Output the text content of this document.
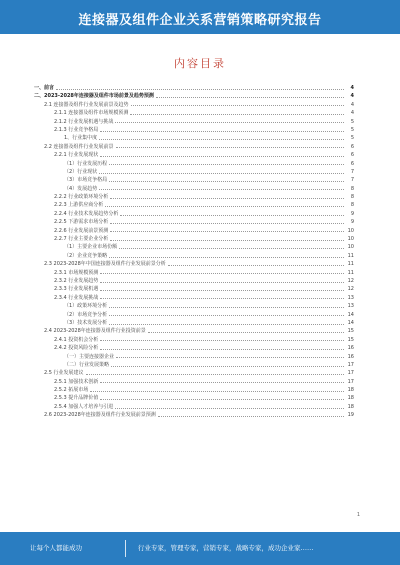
连接器及组件企业关系营销策略研究报告
内容目录
一、前言	4
二、2023-2028年连接器及组件市场前景及趋势预测	4
2.1 连接器及组件行业发展前景及趋势	4
2.1.1 连接器及组件市场规模预测	4
2.1.2 行业发展机遇与挑战	5
2.1.3 行业竞争格局	5
1、行业集中度	5
2.2 连接器及组件行业发展前景	6
2.2.1 行业发展现状	6
（1）行业发展历程	6
（2）行业现状	7
（3）市场竞争格局	7
（4）发展趋势	8
2.2.2 行业政策环境分析	8
2.2.3 上游供应商分析	8
2.2.4 行业技术发展趋势分析	9
2.2.5 下游需求市场分析	9
2.2.6 行业发展前景预测	10
2.2.7 行业主要企业分析	10
（1）主要企业市场份额	10
（2）企业竞争策略	11
2.3 2023-2028年中国连接器及组件行业发展前景分析	11
2.3.1 市场规模预测	11
2.3.2 行业发展趋势	12
2.3.3 行业发展机遇	12
2.3.4 行业发展挑战	13
（1）政策环境分析	13
（2）市场竞争分析	14
（3）技术发展分析	14
2.4 2023-2028年连接器及组件行业投资前景	15
2.4.1 投资机会分析	15
2.4.2 投资风险分析	16
（一）主要连接器企业	16
（二）行业发展策略	17
2.5 行业发展建议	17
2.5.1 加强技术创新	17
2.5.2 拓展市场	18
2.5.3 提升品牌价值	18
2.5.4 加强人才培养与引进	18
2.6 2023-2028年连接器及组件行业发展前景预测	19
1
让每个人都能成功	行业专家，管理专家，营销专家，战略专家，成功企业家……
